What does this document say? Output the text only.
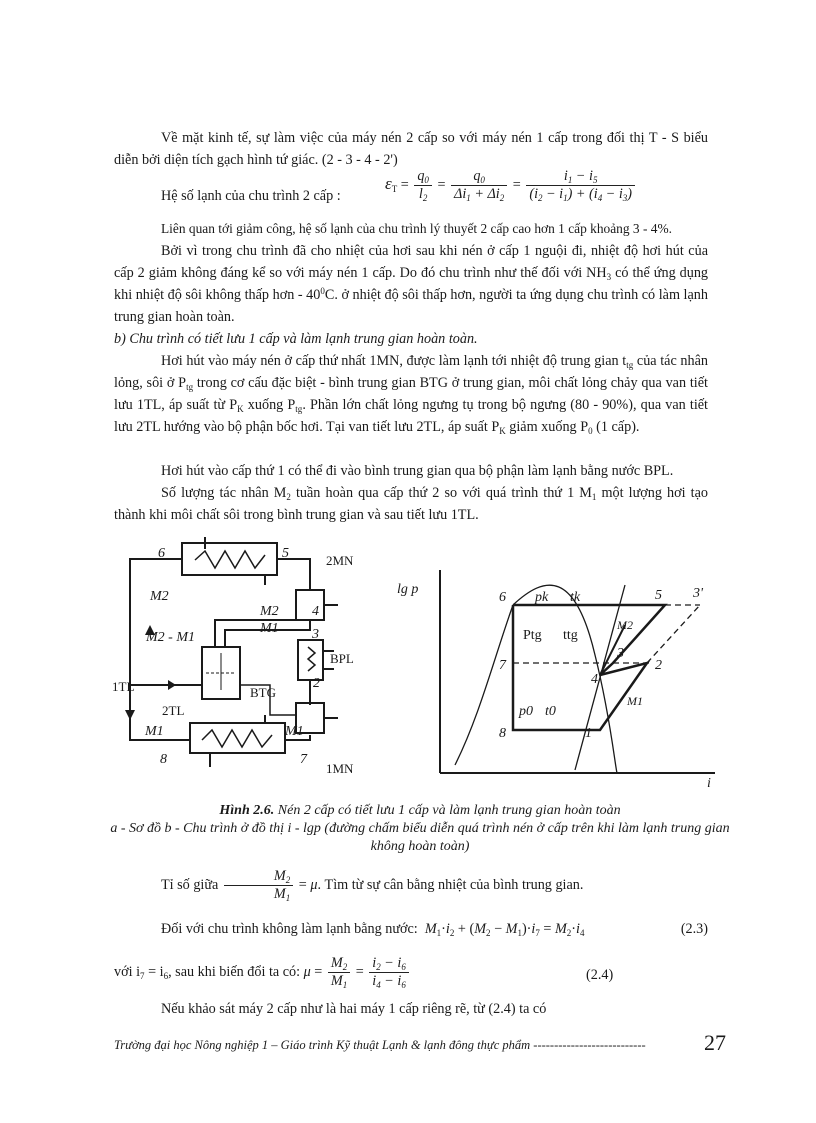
Về mặt kinh tế, sự làm việc của máy nén 2 cấp so với máy nén 1 cấp trong đối thị T - S biểu diễn bởi diện tích gạch hình tứ giác. (2 - 3 - 4 - 2')

Hệ số lạnh của chu trình 2 cấp :
$\varepsilon_T = \frac{q_0}{l_2} = \frac{q_0}{\Delta i_1 + \Delta i_2} = \frac{i_1 - i_5}{(i_2 - i_1) + (i_4 - i_3)}$

Liên quan tới giảm công, hệ số lạnh của chu trình lý thuyết 2 cấp cao hơn 1 cấp khoảng 3 - 4%.

Bởi vì trong chu trình đã cho nhiệt của hơi sau khi nén ở cấp 1 nguội đi, nhiệt độ hơi hút của cấp 2 giảm không đáng kể so với máy nén 1 cấp. Do đó chu trình như thế đối với $NH_3$ có thể ứng dụng khi nhiệt độ sôi không thấp hơn - $40^0C$. ở nhiệt độ sôi thấp hơn, người ta ứng dụng chu trình có làm lạnh trung gian hoàn toàn.

b) Chu trình có tiết lưu 1 cấp và làm lạnh trung gian hoàn toàn.

Hơi hút vào máy nén ở cấp thứ nhất 1MN, được làm lạnh tới nhiệt độ trung gian $t_{tg}$ của tác nhân lỏng, sôi ở $P_{tg}$ trong cơ cấu đặc biệt - bình trung gian BTG ở trung gian, môi chất lỏng chảy qua van tiết lưu 1TL, áp suất từ $P_K$ xuống $P_{tg}$. Phần lớn chất lỏng ngưng tụ trong bộ ngưng (80 - 90%), qua van tiết lưu 2TL hướng vào bộ phận bốc hơi. Tại van tiết lưu 2TL, áp suất $P_K$ giảm xuống $P_0$ (1 cấp).

Hơi hút vào cấp thứ 1 có thể đi vào bình trung gian qua bộ phận làm lạnh bằng nước BPL.

Số lượng tác nhân $M_2$ tuần hoàn qua cấp thứ 2 so với quá trình thứ 1 $M_1$ một lượng hơi tạo thành khi môi chất sôi trong bình trung gian và sau tiết lưu 1TL.

6	5	2MN
M2
M2
M1
4
3
BPL
M2 - M1
1TL	BTG
2
2TL
M1	M1
8	7
1MN
lg p
i
6 pk tk	5 3'
Ptg ttg
M2
7
3
2
4
p0 t0
M1
8	1
Hình 2.6. Nén 2 cấp có tiết lưu 1 cấp và làm lạnh trung gian hoàn toàn
a - Sơ đồ b - Chu trình ở đồ thị i - lgp (đường chấm biểu diễn quá trình nén ở cấp trên khi làm lạnh trung gian không hoàn toàn)
Tỉ số giữa $\frac{M_2}{M_1} = \mu$. Tìm từ sự cân bằng nhiệt của bình trung gian.
Đối với chu trình không làm lạnh bằng nước:  $M_1\cdot i_2 + (M_2 - M_1)\cdot i_7 = M_2\cdot i_4$	(2.3)
với $i_7 = i_6$, sau khi biến đổi ta có: $\mu = \frac{M_2}{M_1} = \frac{i_2 - i_6}{i_4 - i_6}$	(2.4)

Nếu khảo sát máy 2 cấp như là hai máy 1 cấp riêng rẽ, từ (2.4) ta có

Trường đại học Nông nghiệp 1 – Giáo trình Kỹ thuật Lạnh & lạnh đông thực phẩm ---------------------------	27
